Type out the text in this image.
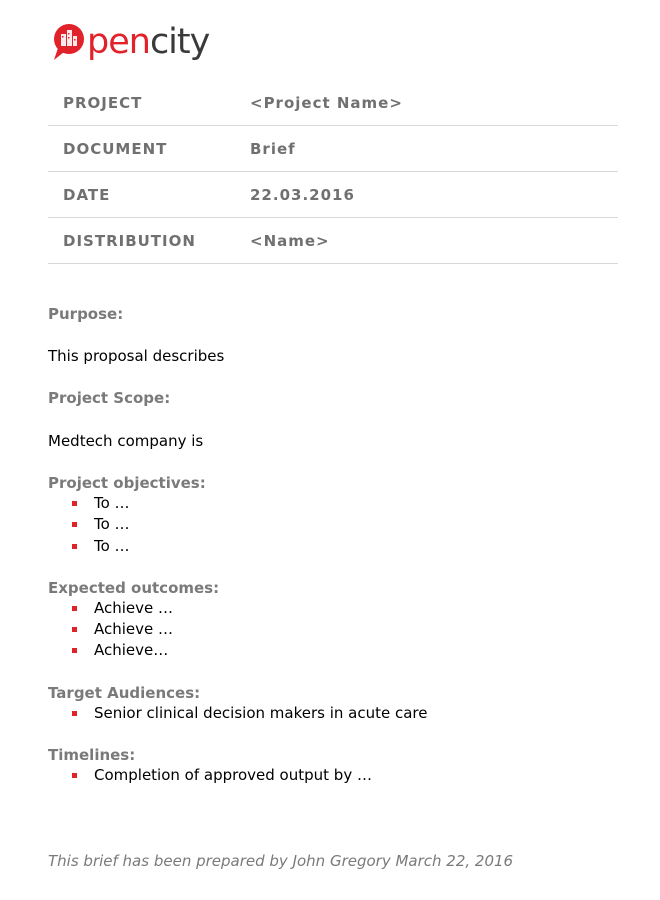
pen city
PROJECT	<Project Name>
DOCUMENT	Brief
DATE	22.03.2016
DISTRIBUTION	<Name>

Purpose:

This proposal describes

Project Scope:

Medtech company is

Project objectives:

To …
To …
To …

Expected outcomes:

Achieve …
Achieve …
Achieve…

Target Audiences:

Senior clinical decision makers in acute care

Timelines:

Completion of approved output by …
This brief has been prepared by John Gregory March 22, 2016
